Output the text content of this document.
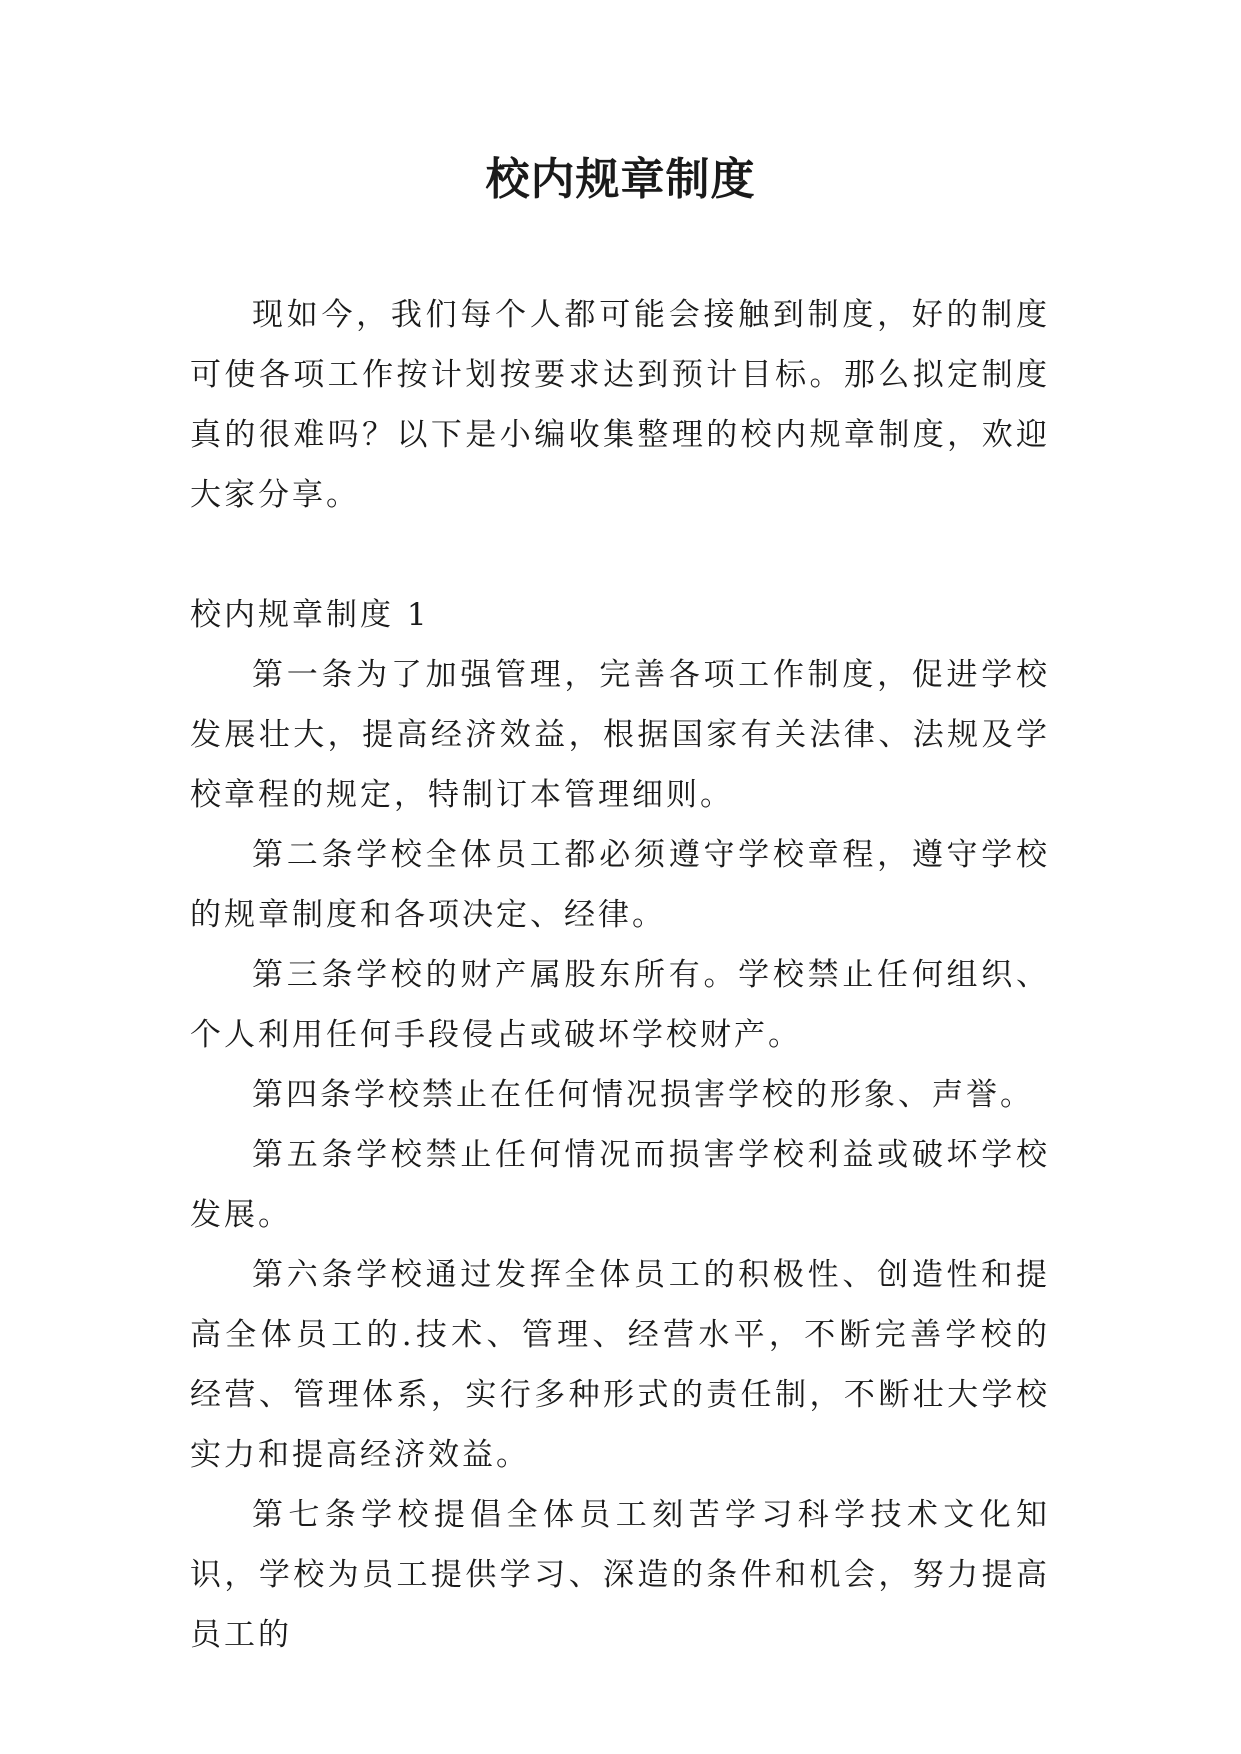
校内规章制度

现如今，我们每个人都可能会接触到制度，好的制度可使各项工作按计划按要求达到预计目标。那么拟定制度真的很难吗？以下是小编收集整理的校内规章制度，欢迎大家分享。

校内规章制度 1

第一条为了加强管理，完善各项工作制度，促进学校发展壮大，提高经济效益，根据国家有关法律、法规及学校章程的规定，特制订本管理细则。

第二条学校全体员工都必须遵守学校章程，遵守学校的规章制度和各项决定、经律。

第三条学校的财产属股东所有。学校禁止任何组织、个人利用任何手段侵占或破坏学校财产。

第四条学校禁止在任何情况损害学校的形象、声誉。

第五条学校禁止任何情况而损害学校利益或破坏学校发展。

第六条学校通过发挥全体员工的积极性、创造性和提高全体员工的.技术、管理、经营水平，不断完善学校的经营、管理体系，实行多种形式的责任制，不断壮大学校实力和提高经济效益。

第七条学校提倡全体员工刻苦学习科学技术文化知识，学校为员工提供学习、深造的条件和机会，努力提高员工的
